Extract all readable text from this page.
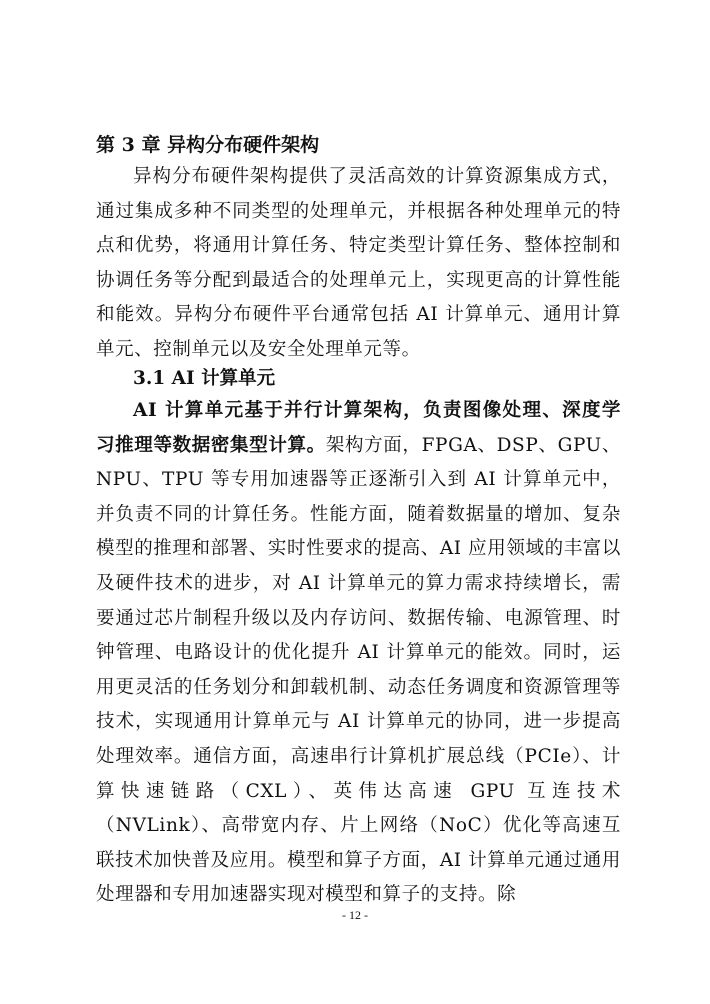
第 3 章 异构分布硬件架构

异构分布硬件架构提供了灵活高效的计算资源集成方式，通过集成多种不同类型的处理单元，并根据各种处理单元的特点和优势，将通用计算任务、特定类型计算任务、整体控制和协调任务等分配到最适合的处理单元上，实现更高的计算性能和能效。异构分布硬件平台通常包括 AI 计算单元、通用计算单元、控制单元以及安全处理单元等。

3.1 AI 计算单元

AI 计算单元基于并行计算架构，负责图像处理、深度学习推理等数据密集型计算。架构方面，FPGA、DSP、GPU、NPU、TPU 等专用加速器等正逐渐引入到 AI 计算单元中，并负责不同的计算任务。性能方面，随着数据量的增加、复杂模型的推理和部署、实时性要求的提高、AI 应用领域的丰富以及硬件技术的进步，对 AI 计算单元的算力需求持续增长，需要通过芯片制程升级以及内存访问、数据传输、电源管理、时钟管理、电路设计的优化提升 AI 计算单元的能效。同时，运用更灵活的任务划分和卸载机制、动态任务调度和资源管理等技术，实现通用计算单元与 AI 计算单元的协同，进一步提高处理效率。通信方面，高速串行计算机扩展总线（PCIe）、计算快速链路（CXL）、英伟达高速 GPU 互连技术（NVLink）、高带宽内存、片上网络（NoC）优化等高速互联技术加快普及应用。模型和算子方面，AI 计算单元通过通用处理器和专用加速器实现对模型和算子的支持。除

- 12 -
